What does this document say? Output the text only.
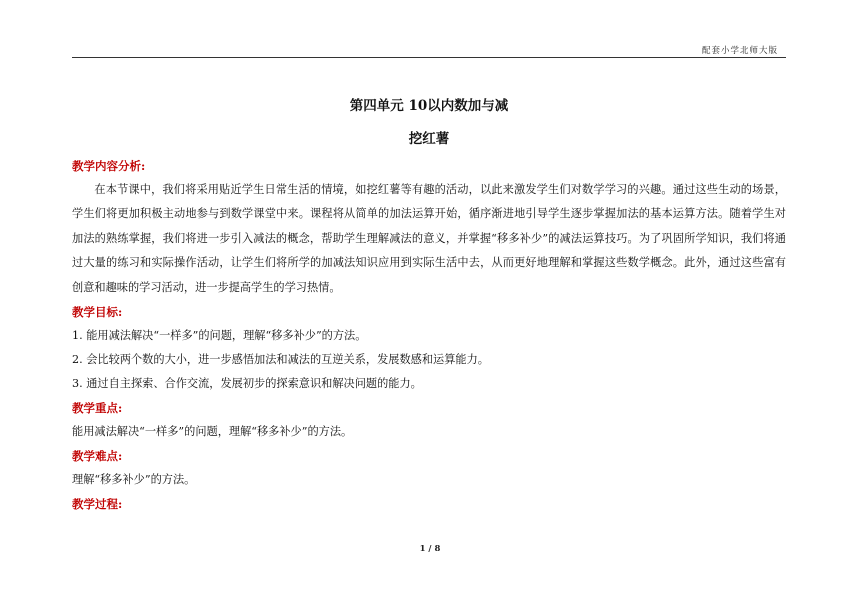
配套小学北师大版
第四单元 10以内数加与减
挖红薯
教学内容分析:

在本节课中，我们将采用贴近学生日常生活的情境，如挖红薯等有趣的活动，以此来激发学生们对数学学习的兴趣。通过这些生动的场景，学生们将更加积极主动地参与到数学课堂中来。课程将从简单的加法运算开始，循序渐进地引导学生逐步掌握加法的基本运算方法。随着学生对加法的熟练掌握，我们将进一步引入减法的概念，帮助学生理解减法的意义，并掌握“移多补少”的减法运算技巧。为了巩固所学知识，我们将通过大量的练习和实际操作活动，让学生们将所学的加减法知识应用到实际生活中去，从而更好地理解和掌握这些数学概念。此外，通过这些富有创意和趣味的学习活动，进一步提高学生的学习热情。

教学目标:
1. 能用减法解决“一样多”的问题，理解“移多补少”的方法。
2. 会比较两个数的大小，进一步感悟加法和减法的互逆关系，发展数感和运算能力。
3. 通过自主探索、合作交流，发展初步的探索意识和解决问题的能力。
教学重点:
能用减法解决“一样多”的问题，理解“移多补少”的方法。
教学难点:
理解“移多补少”的方法。
教学过程:
1 / 8
